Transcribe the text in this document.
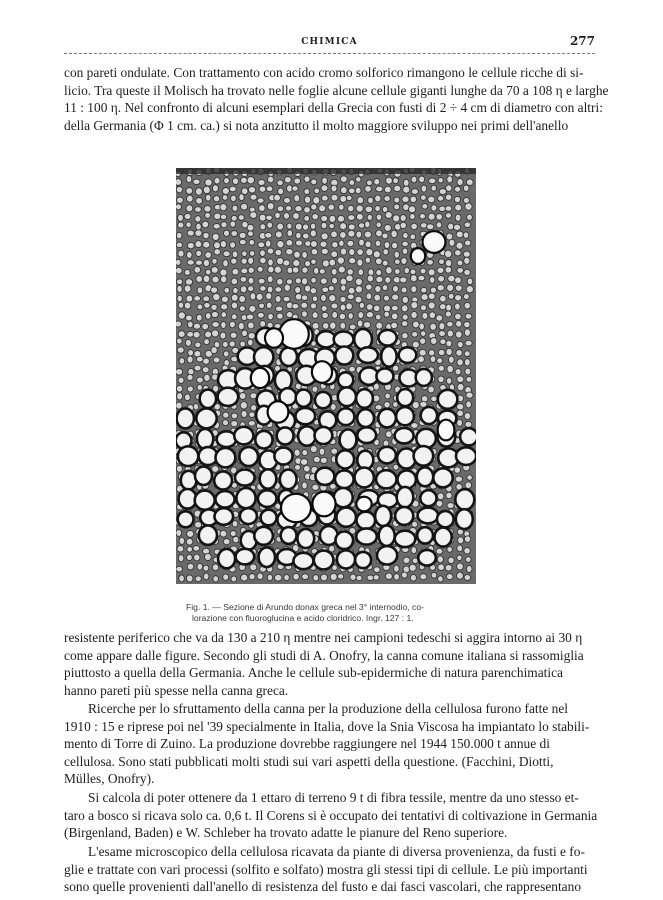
CHIMICA	277

con pareti ondulate. Con trattamento con acido cromo solforico rimangono le cellule ricche di si-
licio. Tra queste il Molisch ha trovato nelle foglie alcune cellule giganti lunghe da 70 a 108 η e larghe
11 : 100 η. Nel confronto di alcuni esemplari della Grecia con fusti di 2 ÷ 4 cm di diametro con altri:
della Germania (Φ 1 cm. ca.) si nota anzitutto il molto maggiore sviluppo nei primi dell'anello

Fig. 1. — Sezione di Arundo donax greca nel 3° internodio, co-
lorazione con fluoroglucina e acido cloridrico. Ingr. 127 : 1.

resistente periferico che va da 130 a 210 η mentre nei campioni tedeschi si aggira intorno ai 30 η
come appare dalle figure. Secondo gli studi di A. Onofry, la canna comune italiana si rassomiglia
piuttosto a quella della Germania. Anche le cellule sub-epidermiche di natura parenchimatica
hanno pareti più spesse nella canna greca.

Ricerche per lo sfruttamento della canna per la produzione della cellulosa furono fatte nel
1910 : 15 e riprese poi nel '39 specialmente in Italia, dove la Snia Viscosa ha impiantato lo stabili-
mento di Torre di Zuino. La produzione dovrebbe raggiungere nel 1944 150.000 t annue di
cellulosa. Sono stati pubblicati molti studi sui vari aspetti della questione. (Facchini, Diotti,
Mülles, Onofry).

Si calcola di poter ottenere da 1 ettaro di terreno 9 t di fibra tessile, mentre da uno stesso et-
taro a bosco si ricava solo ca. 0,6 t. Il Corens si è occupato dei tentativi di coltivazione in Germania
(Birgenland, Baden) e W. Schleber ha trovato adatte le pianure del Reno superiore.

L'esame microscopico della cellulosa ricavata da piante di diversa provenienza, da fusti e fo-
glie e trattate con vari processi (solfito e solfato) mostra gli stessi tipi di cellule. Le più importanti
sono quelle provenienti dall'anello di resistenza del fusto e dai fasci vascolari, che rappresentano
